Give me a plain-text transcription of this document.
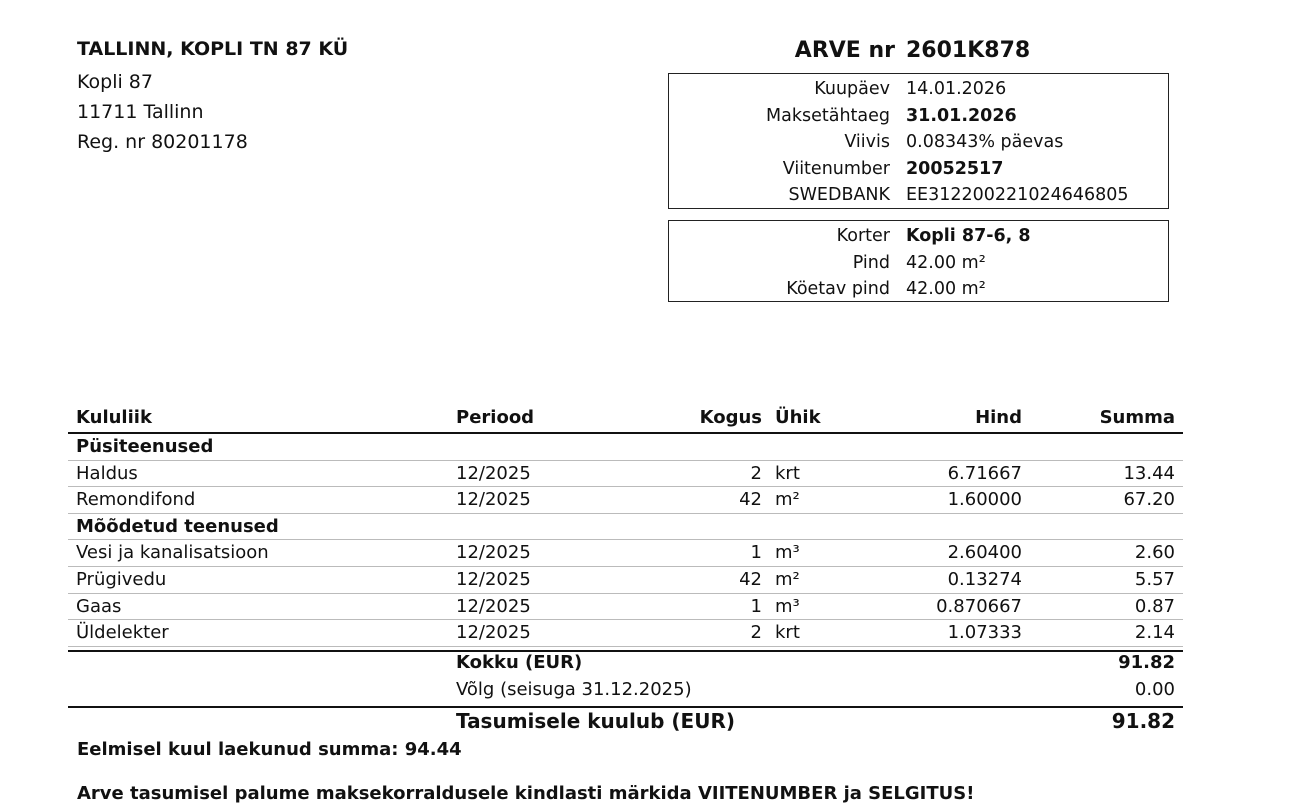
TALLINN, KOPLI TN 87 KÜ
Kopli 87
11711 Tallinn
Reg. nr 80201178
ARVE nr 2601K878
Kuupäev 14.01.2026
Maksetähtaeg 31.01.2026
Viivis 0.08343% päevas
Viitenumber 20052517
SWEDBANK EE312200221024646805
Korter Kopli 87-6, 8
Pind 42.00 m²
Köetav pind 42.00 m²
Kululiik	Periood	Kogus Ühik	Hind	Summa
Püsiteenused
Haldus	12/2025	2 krt	6.71667	13.44
Remondifond	12/2025	42 m²	1.60000	67.20
Mõõdetud teenused
Vesi ja kanalisatsioon	12/2025	1 m³	2.60400	2.60
Prügivedu	12/2025	42 m²	0.13274	5.57
Gaas	12/2025	1 m³	0.870667	0.87
Üldelekter	12/2025	2 krt	1.07333	2.14
Kokku (EUR)	91.82
Võlg (seisuga 31.12.2025)	0.00
Tasumisele kuulub (EUR)	91.82
Eelmisel kuul laekunud summa: 94.44
Arve tasumisel palume maksekorraldusele kindlasti märkida VIITENUMBER ja SELGITUS!
